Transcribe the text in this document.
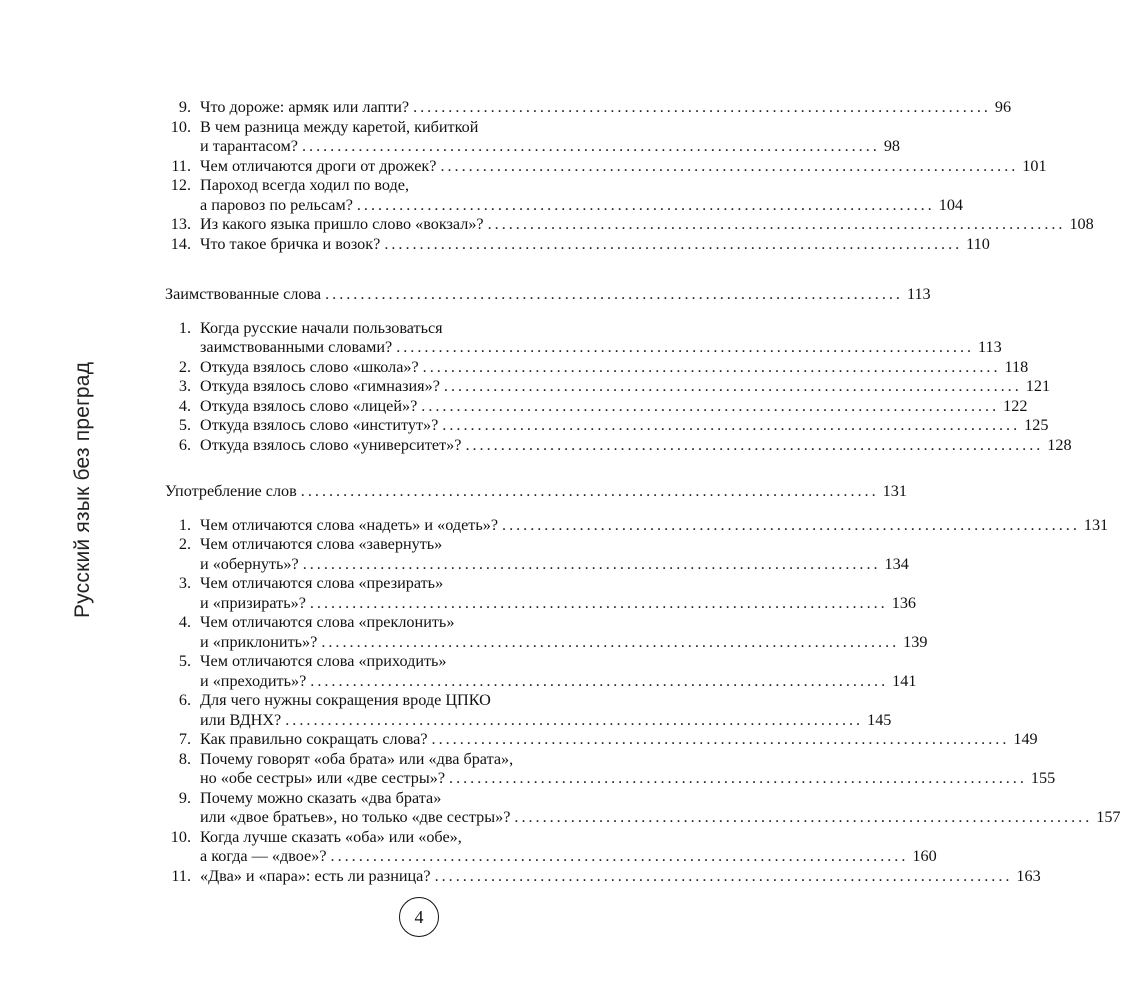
Русский язык без преград
9. Что дороже: армяк или лапти? .................................................................................. 96
10. В чем разница между каретой, кибиткой
и тарантасом? .................................................................................. 98
11. Чем отличаются дроги от дрожек? .................................................................................. 101
12. Пароход всегда ходил по воде,
а паровоз по рельсам? .................................................................................. 104
13. Из какого языка пришло слово «вокзал»? .................................................................................. 108
14. Что такое бричка и возок? .................................................................................. 110
Заимствованные слова .................................................................................. 113
1. Когда русские начали пользоваться
заимствованными словами? .................................................................................. 113
2. Откуда взялось слово «школа»? .................................................................................. 118
3. Откуда взялось слово «гимназия»? .................................................................................. 121
4. Откуда взялось слово «лицей»? .................................................................................. 122
5. Откуда взялось слово «институт»? .................................................................................. 125
6. Откуда взялось слово «университет»? .................................................................................. 128
Употребление слов .................................................................................. 131
1. Чем отличаются слова «надеть» и «одеть»? .................................................................................. 131
2. Чем отличаются слова «завернуть»
и «обернуть»? .................................................................................. 134
3. Чем отличаются слова «презирать»
и «призирать»? .................................................................................. 136
4. Чем отличаются слова «преклонить»
и «приклонить»? .................................................................................. 139
5. Чем отличаются слова «приходить»
и «преходить»? .................................................................................. 141
6. Для чего нужны сокращения вроде ЦПКО
или ВДНХ? .................................................................................. 145
7. Как правильно сокращать слова? .................................................................................. 149
8. Почему говорят «оба брата» или «два брата»,
но «обе сестры» или «две сестры»? .................................................................................. 155
9. Почему можно сказать «два брата»
или «двое братьев», но только «две сестры»? .................................................................................. 157
10. Когда лучше сказать «оба» или «обе»,
а когда — «двое»? .................................................................................. 160
11. «Два» и «пара»: есть ли разница? .................................................................................. 163
4
